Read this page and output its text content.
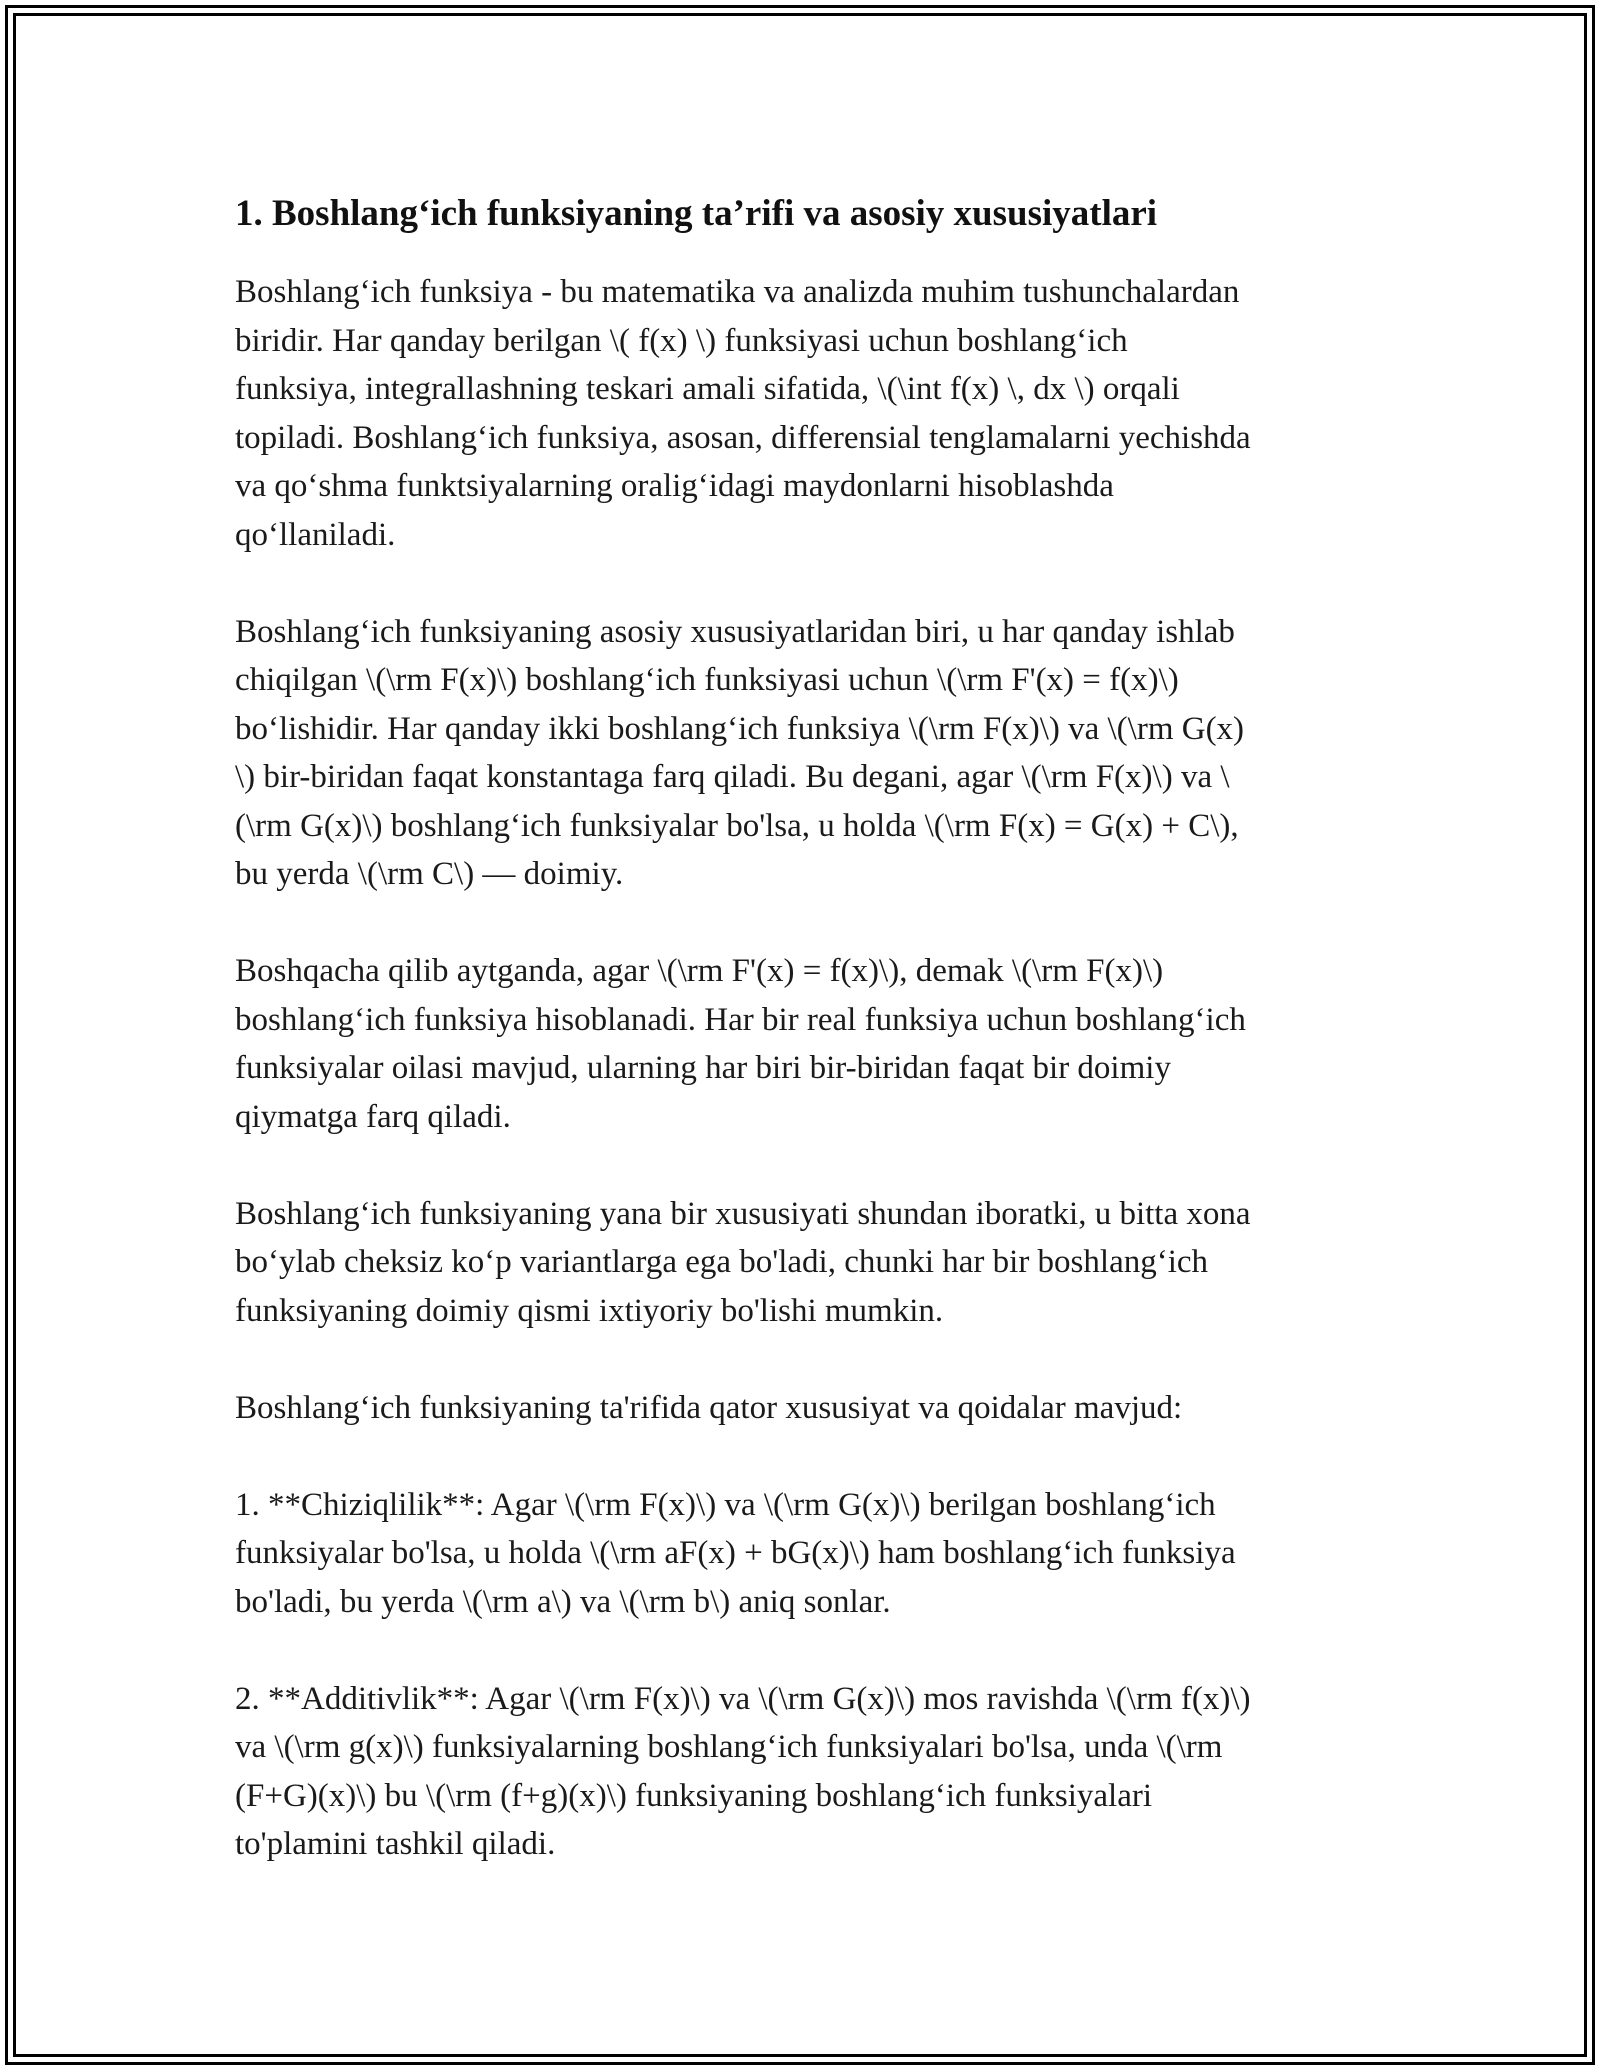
1. Boshlang‘ich funksiyaning ta’rifi va asosiy xususiyatlari

Boshlang‘ich funksiya - bu matematika va analizda muhim tushunchalardan
biridir. Har qanday berilgan \( f(x) \) funksiyasi uchun boshlang‘ich
funksiya, integrallashning teskari amali sifatida, \(\int f(x) \, dx \) orqali
topiladi. Boshlang‘ich funksiya, asosan, differensial tenglamalarni yechishda
va qo‘shma funktsiyalarning oralig‘idagi maydonlarni hisoblashda
qo‘llaniladi.

Boshlang‘ich funksiyaning asosiy xususiyatlaridan biri, u har qanday ishlab
chiqilgan \(\rm F(x)\) boshlang‘ich funksiyasi uchun \(\rm F'(x) = f(x)\)
bo‘lishidir. Har qanday ikki boshlang‘ich funksiya \(\rm F(x)\) va \(\rm G(x)
\) bir-biridan faqat konstantaga farq qiladi. Bu degani, agar \(\rm F(x)\) va \
(\rm G(x)\) boshlang‘ich funksiyalar bo'lsa, u holda \(\rm F(x) = G(x) + C\),
bu yerda \(\rm C\) — doimiy.

Boshqacha qilib aytganda, agar \(\rm F'(x) = f(x)\), demak \(\rm F(x)\)
boshlang‘ich funksiya hisoblanadi. Har bir real funksiya uchun boshlang‘ich
funksiyalar oilasi mavjud, ularning har biri bir-biridan faqat bir doimiy
qiymatga farq qiladi.

Boshlang‘ich funksiyaning yana bir xususiyati shundan iboratki, u bitta xona
bo‘ylab cheksiz ko‘p variantlarga ega bo'ladi, chunki har bir boshlang‘ich
funksiyaning doimiy qismi ixtiyoriy bo'lishi mumkin.

Boshlang‘ich funksiyaning ta'rifida qator xususiyat va qoidalar mavjud:

1. **Chiziqlilik**: Agar \(\rm F(x)\) va \(\rm G(x)\) berilgan boshlang‘ich
funksiyalar bo'lsa, u holda \(\rm aF(x) + bG(x)\) ham boshlang‘ich funksiya
bo'ladi, bu yerda \(\rm a\) va \(\rm b\) aniq sonlar.

2. **Additivlik**: Agar \(\rm F(x)\) va \(\rm G(x)\) mos ravishda \(\rm f(x)\)
va \(\rm g(x)\) funksiyalarning boshlang‘ich funksiyalari bo'lsa, unda \(\rm
(F+G)(x)\) bu \(\rm (f+g)(x)\) funksiyaning boshlang‘ich funksiyalari
to'plamini tashkil qiladi.
